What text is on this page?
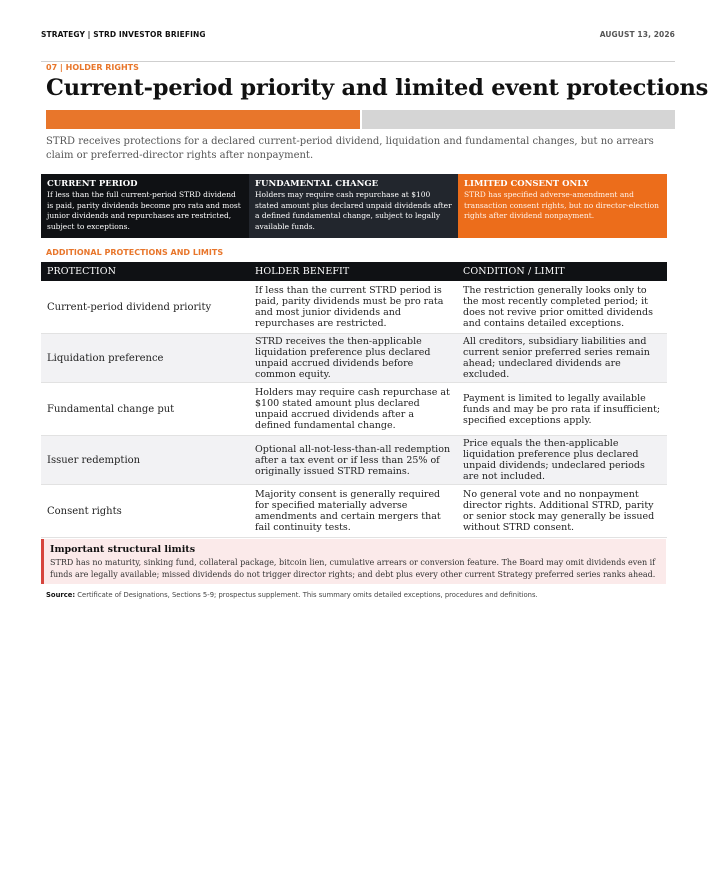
STRATEGY | STRD INVESTOR BRIEFING	AUGUST 13, 2026
07 | HOLDER RIGHTS
Current-period priority and limited event protections
STRD receives protections for a declared current-period dividend, liquidation and fundamental changes, but no arrears claim or preferred-director rights after nonpayment.
CURRENT PERIOD
If less than the full current-period STRD dividend is paid, parity dividends become pro rata and most junior dividends and repurchases are restricted, subject to exceptions.
FUNDAMENTAL CHANGE
Holders may require cash repurchase at $100 stated amount plus declared unpaid dividends after a defined fundamental change, subject to legally available funds.
LIMITED CONSENT ONLY
STRD has specified adverse-amendment and transaction consent rights, but no director-election rights after dividend nonpayment.
ADDITIONAL PROTECTIONS AND LIMITS
PROTECTION	HOLDER BENEFIT	CONDITION / LIMIT
Current-period dividend priority	If less than the current STRD period is paid, parity dividends must be pro rata and most junior dividends and repurchases are restricted.	The restriction generally looks only to the most recently completed period; it does not revive prior omitted dividends and contains detailed exceptions.
Liquidation preference	STRD receives the then-applicable liquidation preference plus declared unpaid accrued dividends before common equity.	All creditors, subsidiary liabilities and current senior preferred series remain ahead; undeclared dividends are excluded.
Fundamental change put	Holders may require cash repurchase at $100 stated amount plus declared unpaid accrued dividends after a defined fundamental change.	Payment is limited to legally available funds and may be pro rata if insufficient; specified exceptions apply.
Issuer redemption	Optional all-not-less-than-all redemption after a tax event or if less than 25% of originally issued STRD remains.	Price equals the then-applicable liquidation preference plus declared unpaid dividends; undeclared periods are not included.
Consent rights	Majority consent is generally required for specified materially adverse amendments and certain mergers that fail continuity tests.	No general vote and no nonpayment director rights. Additional STRD, parity or senior stock may generally be issued without STRD consent.
Important structural limits
STRD has no maturity, sinking fund, collateral package, bitcoin lien, cumulative arrears or conversion feature. The Board may omit dividends even if funds are legally available; missed dividends do not trigger director rights; and debt plus every other current Strategy preferred series ranks ahead.
Source: Certificate of Designations, Sections 5-9; prospectus supplement. This summary omits detailed exceptions, procedures and definitions.
